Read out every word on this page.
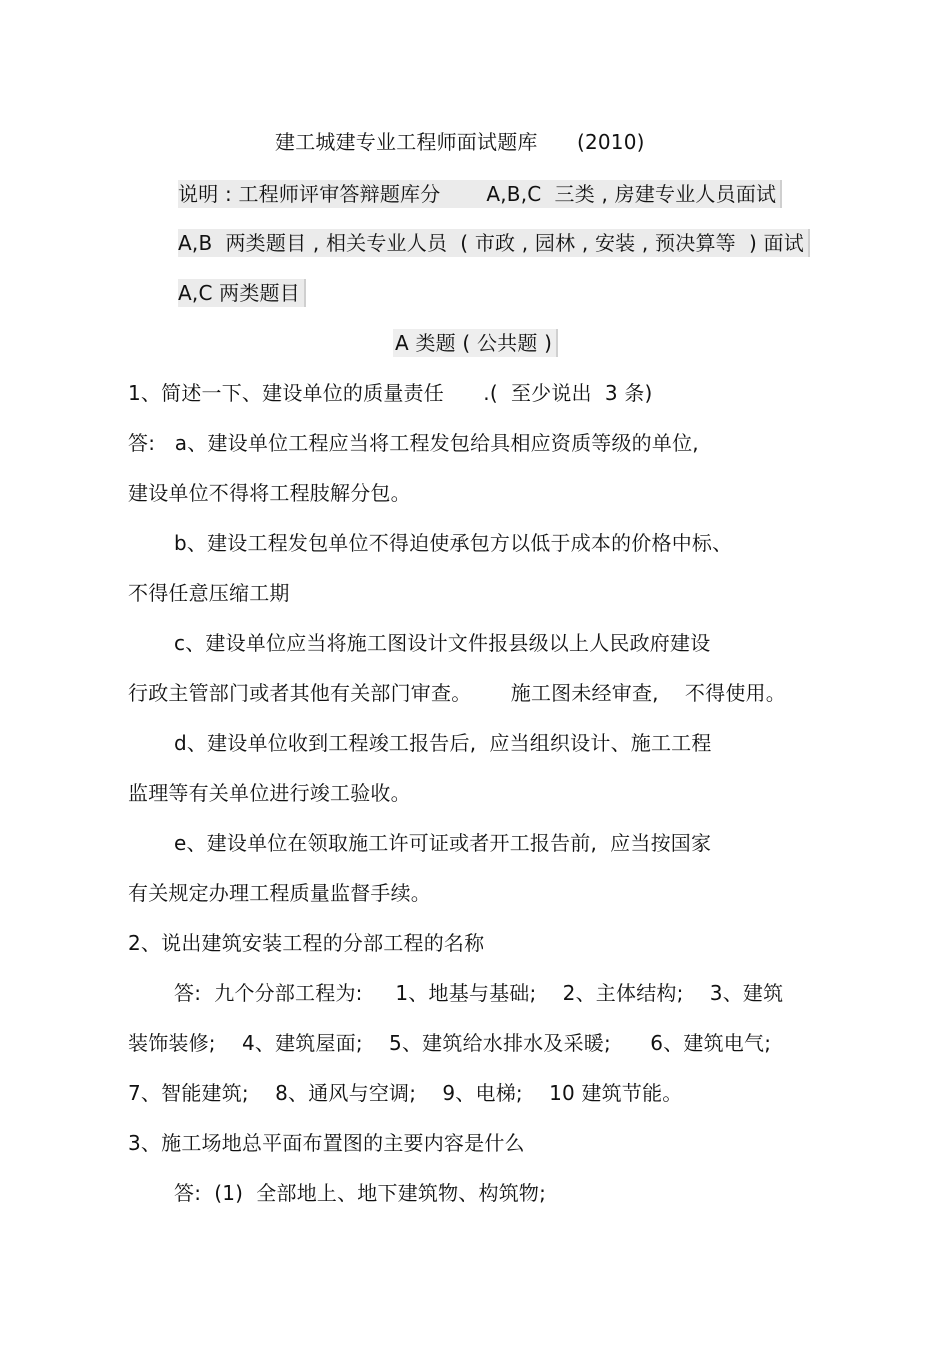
建工城建专业工程师面试题库      (2010)
说明 : 工程师评审答辩题库分       A,B,C  三类 , 房建专业人员面试
A,B  两类题目 , 相关专业人员  ( 市政 , 园林 , 安装 , 预决算等  ) 面试
A,C 两类题目
A 类题 ( 公共题 )
1、简述一下、建设单位的质量责任      .(  至少说出  3 条)
答:   a、建设单位工程应当将工程发包给具相应资质等级的单位,
建设单位不得将工程肢解分包。
b、建设工程发包单位不得迫使承包方以低于成本的价格中标、
不得任意压缩工期
c、建设单位应当将施工图设计文件报县级以上人民政府建设
行政主管部门或者其他有关部门审查。      施工图未经审查,    不得使用。
d、建设单位收到工程竣工报告后,  应当组织设计、施工工程
监理等有关单位进行竣工验收。
e、建设单位在领取施工许可证或者开工报告前,  应当按国家
有关规定办理工程质量监督手续。
2、说出建筑安装工程的分部工程的名称
答:  九个分部工程为:     1、地基与基础;    2、主体结构;    3、建筑
装饰装修;    4、建筑屋面;    5、建筑给水排水及采暖;      6、建筑电气;
7、智能建筑;    8、通风与空调;    9、电梯;    10 建筑节能。
3、施工场地总平面布置图的主要内容是什么
答:  (1)  全部地上、地下建筑物、构筑物;
